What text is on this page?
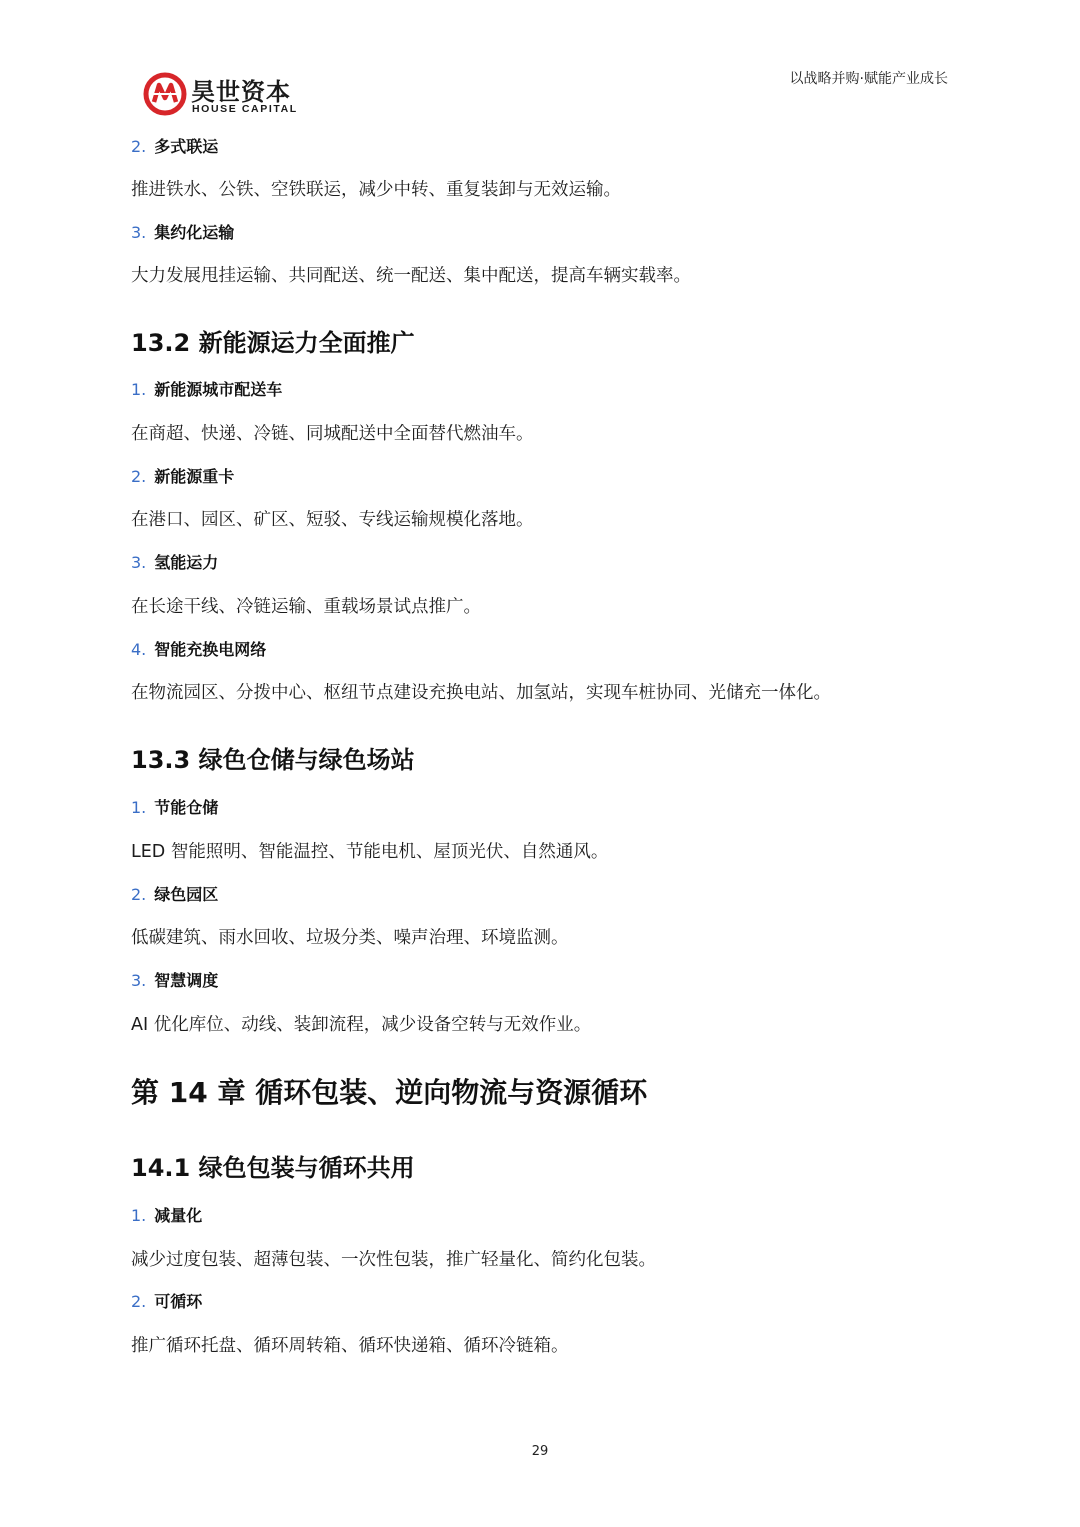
昊世资本
HOUSE CAPITAL
以战略并购·赋能产业成长
2. 多式联运
推进铁水、公铁、空铁联运，减少中转、重复装卸与无效运输。
3. 集约化运输
大力发展甩挂运输、共同配送、统一配送、集中配送，提高车辆实载率。
13.2 新能源运力全面推广
1. 新能源城市配送车
在商超、快递、冷链、同城配送中全面替代燃油车。
2. 新能源重卡
在港口、园区、矿区、短驳、专线运输规模化落地。
3. 氢能运力
在长途干线、冷链运输、重载场景试点推广。
4. 智能充换电网络
在物流园区、分拨中心、枢纽节点建设充换电站、加氢站，实现车桩协同、光储充一体化。
13.3 绿色仓储与绿色场站
1. 节能仓储
LED 智能照明、智能温控、节能电机、屋顶光伏、自然通风。
2. 绿色园区
低碳建筑、雨水回收、垃圾分类、噪声治理、环境监测。
3. 智慧调度
AI 优化库位、动线、装卸流程，减少设备空转与无效作业。
第 14 章 循环包装、逆向物流与资源循环
14.1 绿色包装与循环共用
1. 减量化
减少过度包装、超薄包装、一次性包装，推广轻量化、简约化包装。
2. 可循环
推广循环托盘、循环周转箱、循环快递箱、循环冷链箱。
29
